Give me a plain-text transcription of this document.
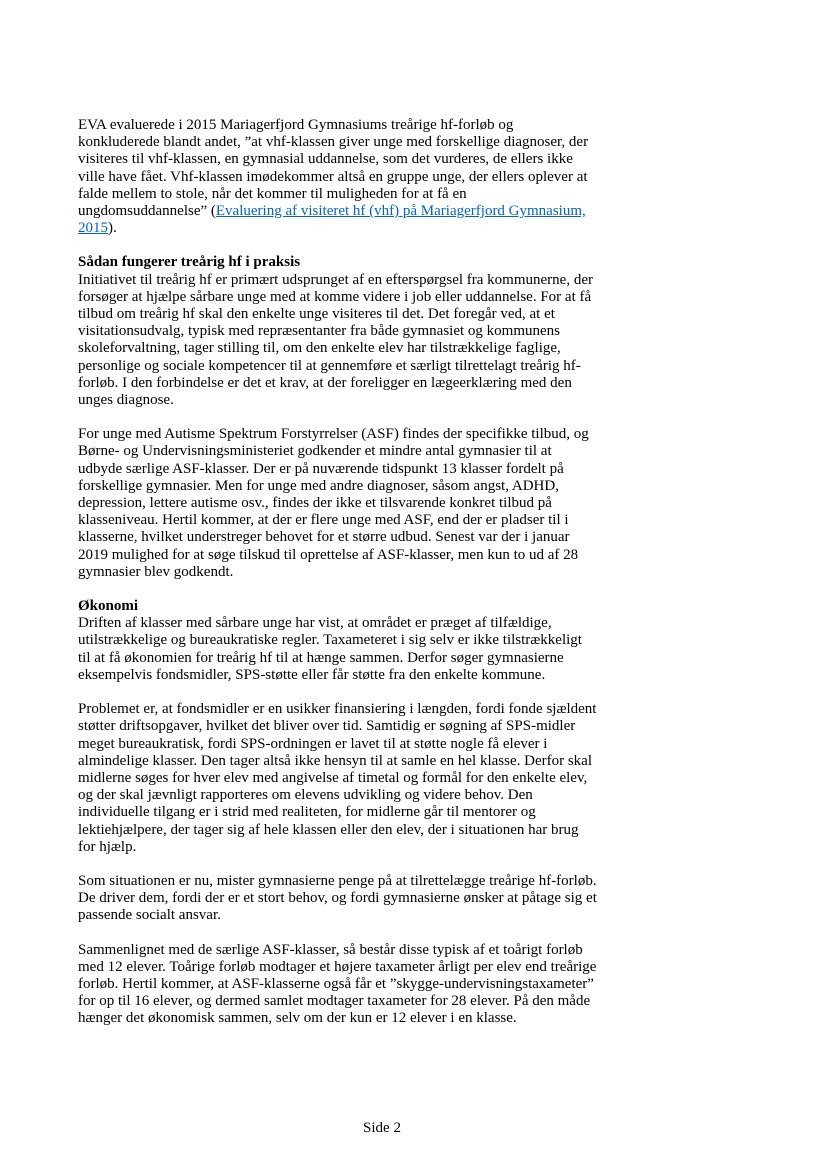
EVA evaluerede i 2015 Mariagerfjord Gymnasiums treårige hf-forløb og konkluderede blandt andet, ”at vhf-klassen giver unge med forskellige diagnoser, der visiteres til vhf-klassen, en gymnasial uddannelse, som det vurderes, de ellers ikke ville have fået. Vhf-klassen imødekommer altså en gruppe unge, der ellers oplever at falde mellem to stole, når det kommer til muligheden for at få en ungdomsuddannelse” (Evaluering af visiteret hf (vhf) på Mariagerfjord Gymnasium, 2015).

Sådan fungerer treårig hf i praksis

Initiativet til treårig hf er primært udsprunget af en efterspørgsel fra kommunerne, der forsøger at hjælpe sårbare unge med at komme videre i job eller uddannelse. For at få tilbud om treårig hf skal den enkelte unge visiteres til det. Det foregår ved, at et visitationsudvalg, typisk med repræsentanter fra både gymnasiet og kommunens skoleforvaltning, tager stilling til, om den enkelte elev har tilstrækkelige faglige, personlige og sociale kompetencer til at gennemføre et særligt tilrettelagt treårig hf-forløb. I den forbindelse er det et krav, at der foreligger en lægeerklæring med den unges diagnose.

For unge med Autisme Spektrum Forstyrrelser (ASF) findes der specifikke tilbud, og Børne- og Undervisningsministeriet godkender et mindre antal gymnasier til at udbyde særlige ASF-klasser. Der er på nuværende tidspunkt 13 klasser fordelt på forskellige gymnasier. Men for unge med andre diagnoser, såsom angst, ADHD, depression, lettere autisme osv., findes der ikke et tilsvarende konkret tilbud på klasseniveau. Hertil kommer, at der er flere unge med ASF, end der er pladser til i klasserne, hvilket understreger behovet for et større udbud. Senest var der i januar 2019 mulighed for at søge tilskud til oprettelse af ASF-klasser, men kun to ud af 28 gymnasier blev godkendt.

Økonomi

Driften af klasser med sårbare unge har vist, at området er præget af tilfældige, utilstrækkelige og bureaukratiske regler. Taxameteret i sig selv er ikke tilstrækkeligt til at få økonomien for treårig hf til at hænge sammen. Derfor søger gymnasierne eksempelvis fondsmidler, SPS-støtte eller får støtte fra den enkelte kommune.

Problemet er, at fondsmidler er en usikker finansiering i længden, fordi fonde sjældent støtter driftsopgaver, hvilket det bliver over tid. Samtidig er søgning af SPS-midler meget bureaukratisk, fordi SPS-ordningen er lavet til at støtte nogle få elever i almindelige klasser. Den tager altså ikke hensyn til at samle en hel klasse. Derfor skal midlerne søges for hver elev med angivelse af timetal og formål for den enkelte elev, og der skal jævnligt rapporteres om elevens udvikling og videre behov. Den individuelle tilgang er i strid med realiteten, for midlerne går til mentorer og lektiehjælpere, der tager sig af hele klassen eller den elev, der i situationen har brug for hjælp.

Som situationen er nu, mister gymnasierne penge på at tilrettelægge treårige hf-forløb. De driver dem, fordi der er et stort behov, og fordi gymnasierne ønsker at påtage sig et passende socialt ansvar.

Sammenlignet med de særlige ASF-klasser, så består disse typisk af et toårigt forløb med 12 elever. Toårige forløb modtager et højere taxameter årligt per elev end treårige forløb. Hertil kommer, at ASF-klasserne også får et ”skygge-undervisningstaxameter” for op til 16 elever, og dermed samlet modtager taxameter for 28 elever. På den måde hænger det økonomisk sammen, selv om der kun er 12 elever i en klasse.

Side 2
